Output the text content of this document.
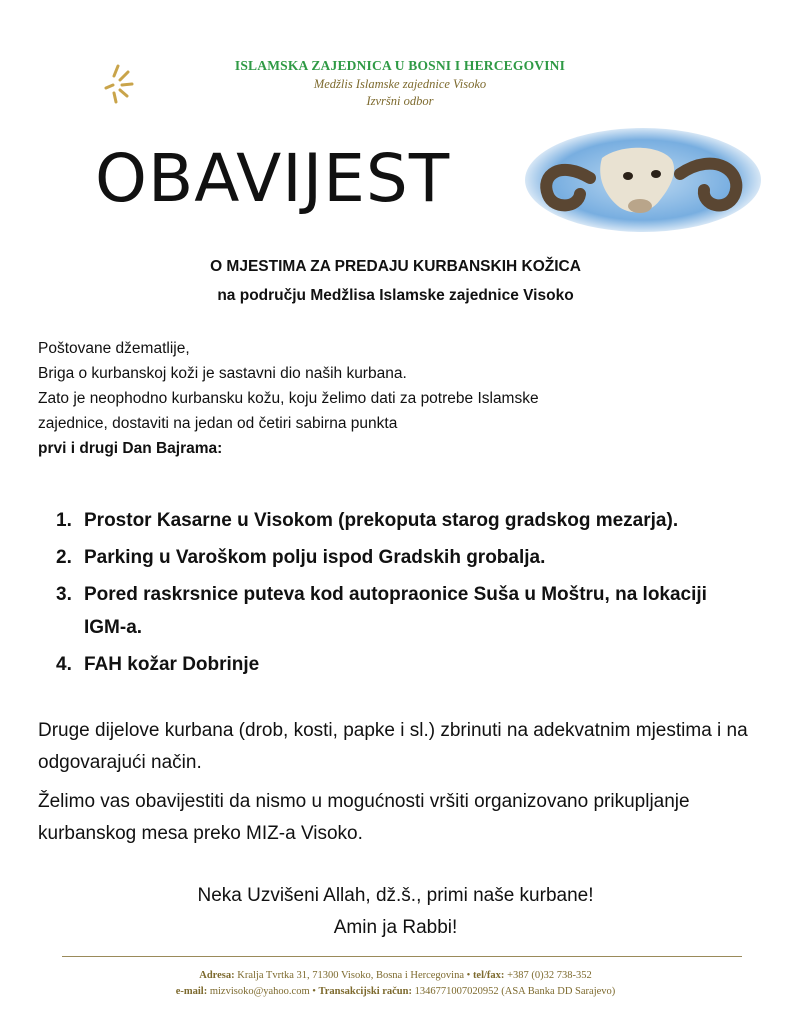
ISLAMSKA ZAJEDNICA U BOSNI I HERCEGOVINI
Medžlis Islamske zajednice Visoko
Izvršni odbor
OBAVIJEST
O MJESTIMA ZA PREDAJU KURBANSKIH KOŽICA
na području Medžlisa Islamske zajednice Visoko
Poštovane džematlije,
Briga o kurbanskoj koži je sastavni dio naših kurbana.
Zato je neophodno kurbansku kožu, koju želimo dati za potrebe Islamske
zajednice, dostaviti na jedan od četiri sabirna punkta
prvi i drugi Dan Bajrama:
1. Prostor Kasarne u Visokom (prekoputa starog gradskog mezarja).
2. Parking u Varoškom polju ispod Gradskih grobalja.
3. Pored raskrsnice puteva kod autopraonice Suša u Moštru, na lokaciji IGM-a.
4. FAH kožar Dobrinje
Druge dijelove kurbana (drob, kosti, papke i sl.) zbrinuti na adekvatnim mjestima i na odgovarajući način.
Želimo vas obavijestiti da nismo u mogućnosti vršiti organizovano prikupljanje kurbanskog mesa preko MIZ-a Visoko.
Neka Uzvišeni Allah, dž.š., primi naše kurbane!
Amin ja Rabbi!
Adresa: Kralja Tvrtka 31, 71300 Visoko, Bosna i Hercegovina • tel/fax: +387 (0)32 738-352
e-mail: mizvisoko@yahoo.com • Transakcijski račun: 1346771007020952 (ASA Banka DD Sarajevo)
